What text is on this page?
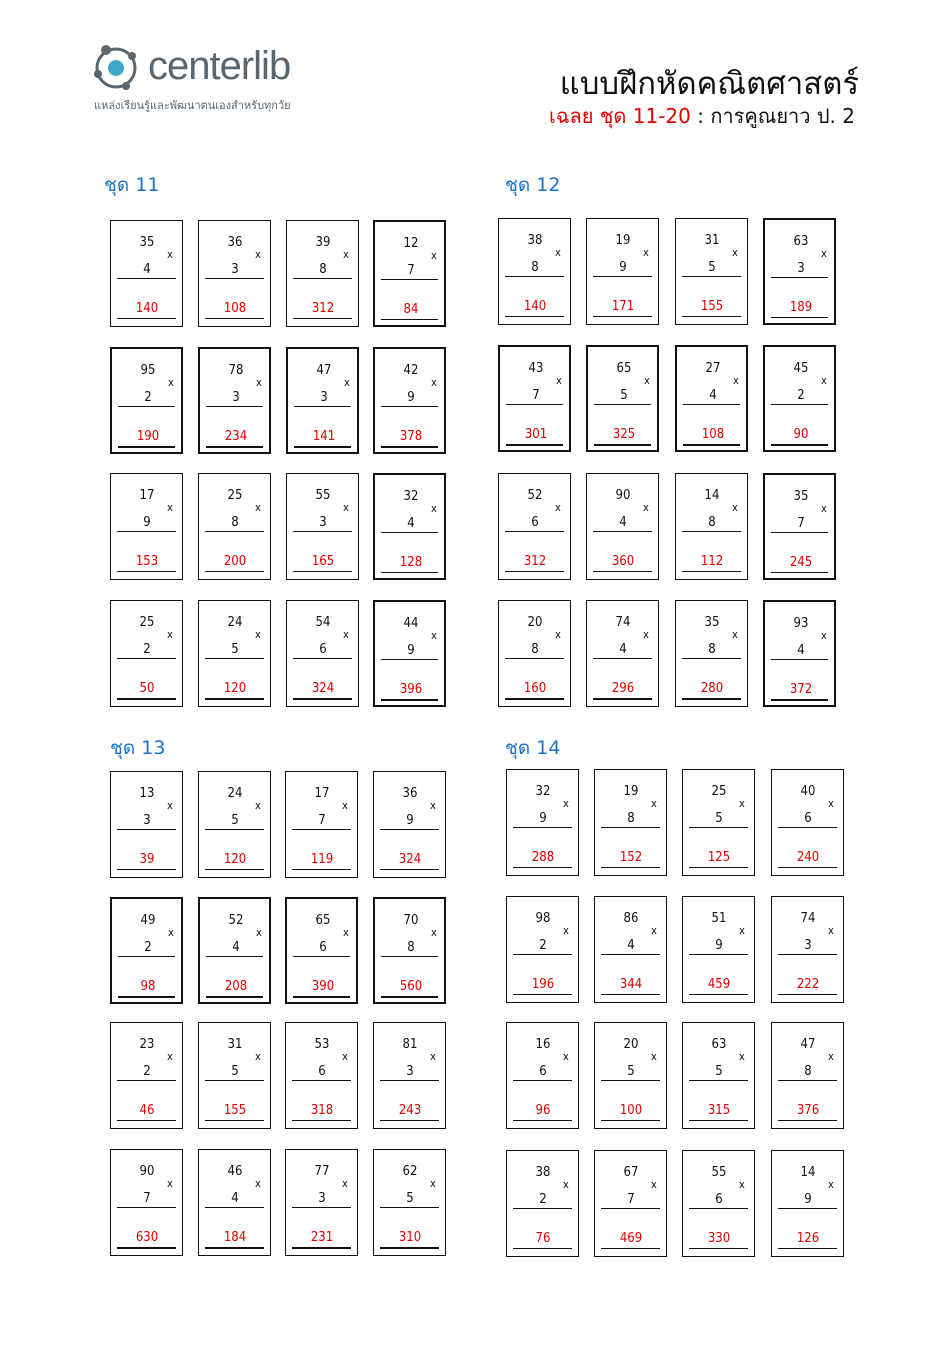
centerlib
แหล่งเรียนรู้และพัฒนาตนเองสำหรับทุกวัย
แบบฝึกหัดคณิตศาสตร์
เฉลย ชุด 11-20 : การคูณยาว ป. 2
ชุด 11
35
x
4
140
36
x
3
108
39
x
8
312
12
x
7
84
95
x
2
190
78
x
3
234
47
x
3
141
42
x
9
378
17
x
9
153
25
x
8
200
55
x
3
165
32
x
4
128
25
x
2
50
24
x
5
120
54
x
6
324
44
x
9
396
ชุด 12
38
x
8
140
19
x
9
171
31
x
5
155
63
x
3
189
43
x
7
301
65
x
5
325
27
x
4
108
45
x
2
90
52
x
6
312
90
x
4
360
14
x
8
112
35
x
7
245
20
x
8
160
74
x
4
296
35
x
8
280
93
x
4
372
ชุด 13
13
x
3
39
24
x
5
120
17
x
7
119
36
x
9
324
49
x
2
98
52
x
4
208
65
x
6
390
70
x
8
560
23
x
2
46
31
x
5
155
53
x
6
318
81
x
3
243
90
x
7
630
46
x
4
184
77
x
3
231
62
x
5
310
ชุด 14
32
x
9
288
19
x
8
152
25
x
5
125
40
x
6
240
98
x
2
196
86
x
4
344
51
x
9
459
74
x
3
222
16
x
6
96
20
x
5
100
63
x
5
315
47
x
8
376
38
x
2
76
67
x
7
469
55
x
6
330
14
x
9
126
